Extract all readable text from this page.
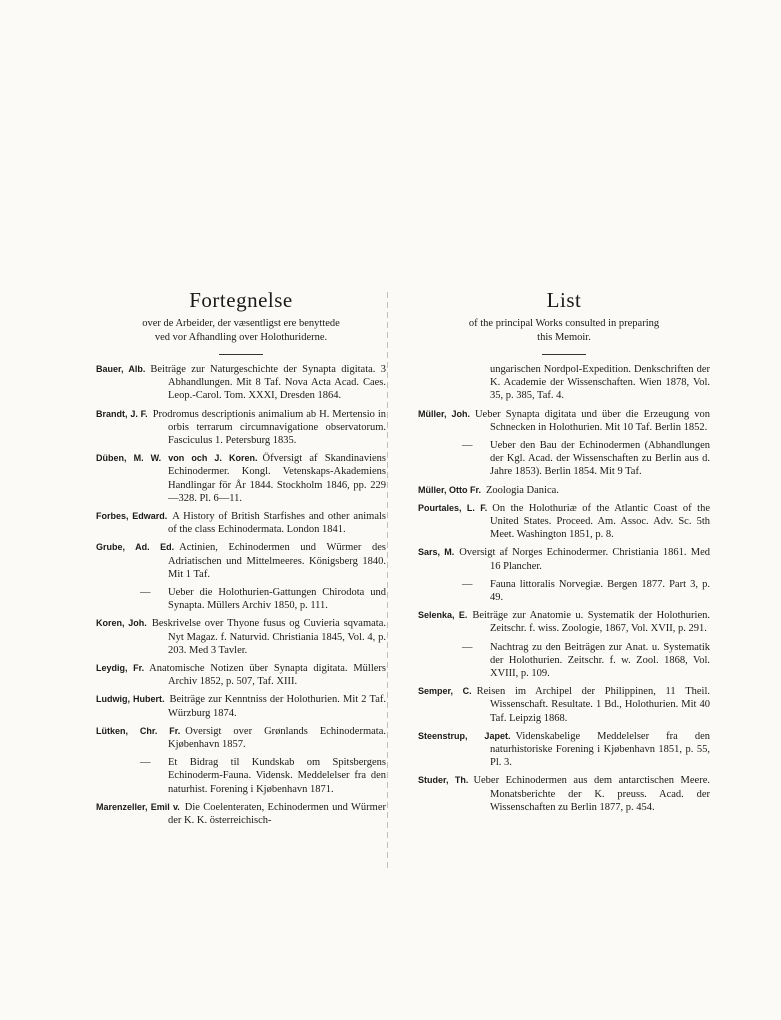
Fortegnelse
over de Arbeider, der væsentligst ere benyttede
ved vor Afhandling over Holothuriderne.
Bauer, Alb. Beiträge zur Naturgeschichte der Synapta digitata. 3 Abhandlungen. Mit 8 Taf. Nova Acta Acad. Caes. Leop.-Carol. Tom. XXXI, Dresden 1864.
Brandt, J. F. Prodromus descriptionis animalium ab H. Mertensio in orbis terrarum circumnavigatione observatorum. Fasciculus 1. Petersburg 1835.
Düben, M. W. von och J. Koren. Öfversigt af Skandinaviens Echinodermer. Kongl. Vetenskaps-Akademiens Handlingar för År 1844. Stockholm 1846, pp. 229—328. Pl. 6—11.
Forbes, Edward. A History of British Starfishes and other animals of the class Echinodermata. London 1841.
Grube, Ad. Ed. Actinien, Echinodermen und Würmer des Adriatischen und Mittelmeeres. Königsberg 1840. Mit 1 Taf.
— Ueber die Holothurien-Gattungen Chirodota und Synapta. Müllers Archiv 1850, p. 111.
Koren, Joh. Beskrivelse over Thyone fusus og Cuvieria sqvamata. Nyt Magaz. f. Naturvid. Christiania 1845, Vol. 4, p. 203. Med 3 Tavler.
Leydig, Fr. Anatomische Notizen über Synapta digitata. Müllers Archiv 1852, p. 507, Taf. XIII.
Ludwig, Hubert. Beiträge zur Kenntniss der Holothurien. Mit 2 Taf. Würzburg 1874.
Lütken, Chr. Fr. Oversigt over Grønlands Echinodermata. Kjøbenhavn 1857.
— Et Bidrag til Kundskab om Spitsbergens Echinoderm-Fauna. Vidensk. Meddelelser fra den naturhist. Forening i Kjøbenhavn 1871.
Marenzeller, Emil v. Die Coelenteraten, Echinodermen und Würmer der K. K. österreichisch-
List
of the principal Works consulted in preparing
this Memoir.
ungarischen Nordpol-Expedition. Denkschriften der K. Academie der Wissenschaften. Wien 1878, Vol. 35, p. 385, Taf. 4.
Müller, Joh. Ueber Synapta digitata und über die Erzeugung von Schnecken in Holothurien. Mit 10 Taf. Berlin 1852.
— Ueber den Bau der Echinodermen (Abhandlungen der Kgl. Acad. der Wissenschaften zu Berlin aus d. Jahre 1853). Berlin 1854. Mit 9 Taf.
Müller, Otto Fr. Zoologia Danica.
Pourtales, L. F. On the Holothuriæ of the Atlantic Coast of the United States. Proceed. Am. Assoc. Adv. Sc. 5th Meet. Washington 1851, p. 8.
Sars, M. Oversigt af Norges Echinodermer. Christiania 1861. Med 16 Plancher.
— Fauna littoralis Norvegiæ. Bergen 1877. Part 3, p. 49.
Selenka, E. Beiträge zur Anatomie u. Systematik der Holothurien. Zeitschr. f. wiss. Zoologie, 1867, Vol. XVII, p. 291.
— Nachtrag zu den Beiträgen zur Anat. u. Systematik der Holothurien. Zeitschr. f. w. Zool. 1868, Vol. XVIII, p. 109.
Semper, C. Reisen im Archipel der Philippinen, 11 Theil. Wissenschaft. Resultate. 1 Bd., Holothurien. Mit 40 Taf. Leipzig 1868.
Steenstrup, Japet. Videnskabelige Meddelelser fra den naturhistoriske Forening i Kjøbenhavn 1851, p. 55, Pl. 3.
Studer, Th. Ueber Echinodermen aus dem antarctischen Meere. Monatsberichte der K. preuss. Acad. der Wissenschaften zu Berlin 1877, p. 454.
